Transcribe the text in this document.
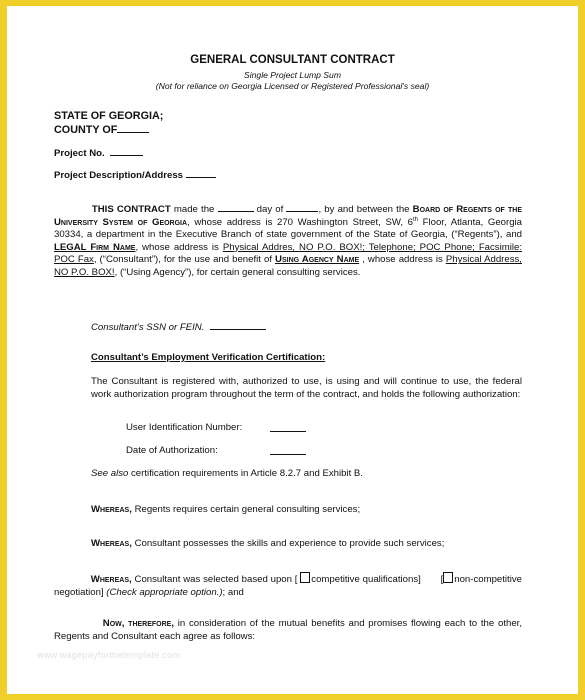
GENERAL CONSULTANT CONTRACT
Single Project Lump Sum
(Not for reliance on Georgia Licensed or Registered Professional's seal)
STATE OF GEORGIA;
COUNTY OF
Project No.
Project Description/Address
THIS CONTRACT made the	day of	, by and between the Board of Regents of the University System of Georgia, whose address is 270 Washington Street, SW, 6th Floor, Atlanta, Georgia 30334, a department in the Executive Branch of state government of the State of Georgia, (“Regents”), and LEGAL Firm Name, whose address is Physical Addres, NO P.O. BOX!; Telephone; POC Phone; Facsimile: POC Fax, (“Consultant”), for the use and benefit of Using Agency Name , whose address is Physical Address, NO P.O. BOX!, (“Using Agency”), for certain general consulting services.
Consultant’s SSN or FEIN.
Consultant’s Employment Verification Certification:
The Consultant is registered with, authorized to use, is using and will continue to use, the federal work authorization program throughout the term of the contract, and holds the following authorization:
User Identification Number:
Date of Authorization:
See also certification requirements in Article 8.2.7 and Exhibit B.
Whereas, Regents requires certain general consulting services;
Whereas, Consultant possesses the skills and experience to provide such services;
Whereas, Consultant was selected based upon [ competitive qualifications]       [ non-competitive negotiation] (Check appropriate option.); and
Now, therefore, in consideration of the mutual benefits and promises flowing each to the other, Regents and Consultant each agree as follows:
www.wagepayforthetemplate.com
